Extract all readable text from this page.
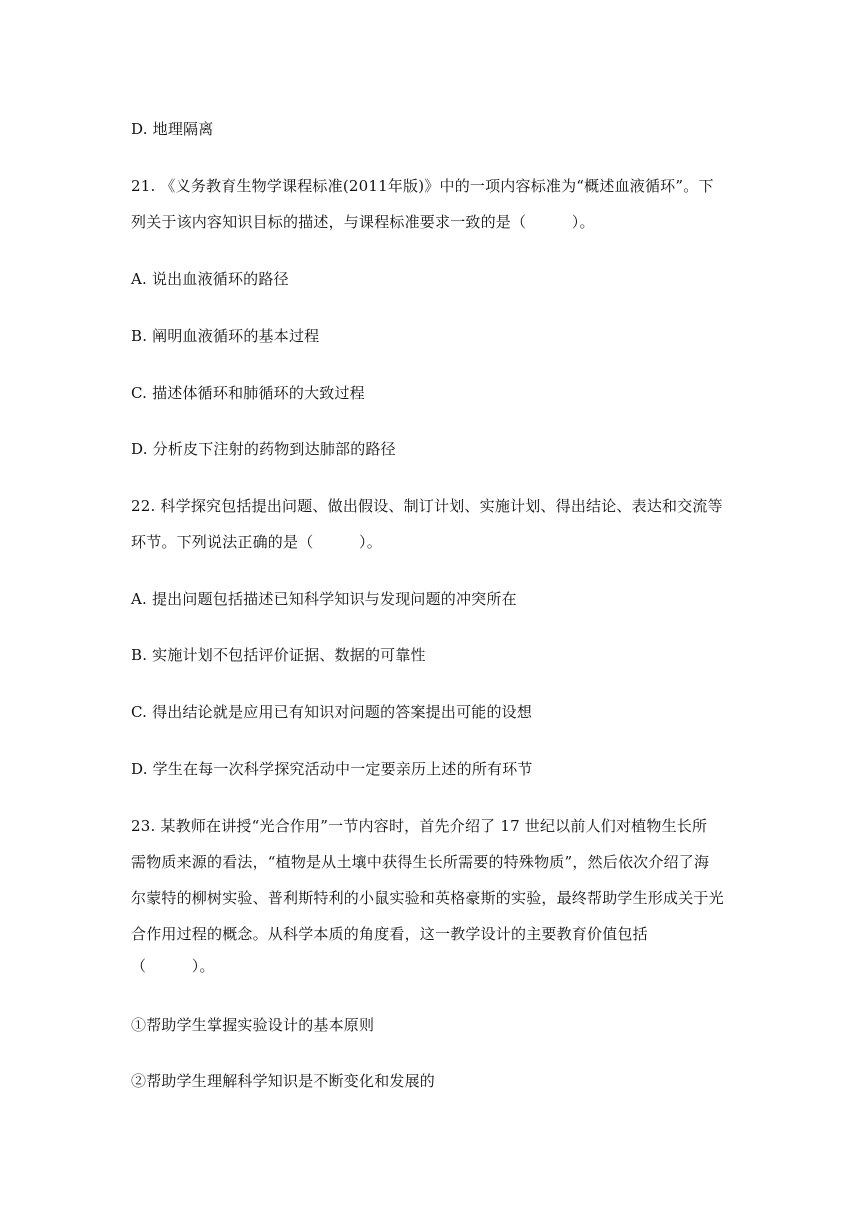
D. 地理隔离
21. 《义务教育生物学课程标准(2011年版)》中的一项内容标准为“概述血液循环”。下
列关于该内容知识目标的描述，与课程标准要求一致的是（　　　）。
A. 说出血液循环的路径
B. 阐明血液循环的基本过程
C. 描述体循环和肺循环的大致过程
D. 分析皮下注射的药物到达肺部的路径
22. 科学探究包括提出问题、做出假设、制订计划、实施计划、得出结论、表达和交流等
环节。下列说法正确的是（　　　）。
A. 提出问题包括描述已知科学知识与发现问题的冲突所在
B. 实施计划不包括评价证据、数据的可靠性
C. 得出结论就是应用已有知识对问题的答案提出可能的设想
D. 学生在每一次科学探究活动中一定要亲历上述的所有环节
23. 某教师在讲授“光合作用”一节内容时，首先介绍了 17 世纪以前人们对植物生长所
需物质来源的看法，“植物是从土壤中获得生长所需要的特殊物质”，然后依次介绍了海
尔蒙特的柳树实验、普利斯特利的小鼠实验和英格豪斯的实验，最终帮助学生形成关于光
合作用过程的概念。从科学本质的角度看，这一教学设计的主要教育价值包括
（　　　）。
①帮助学生掌握实验设计的基本原则
②帮助学生理解科学知识是不断变化和发展的
